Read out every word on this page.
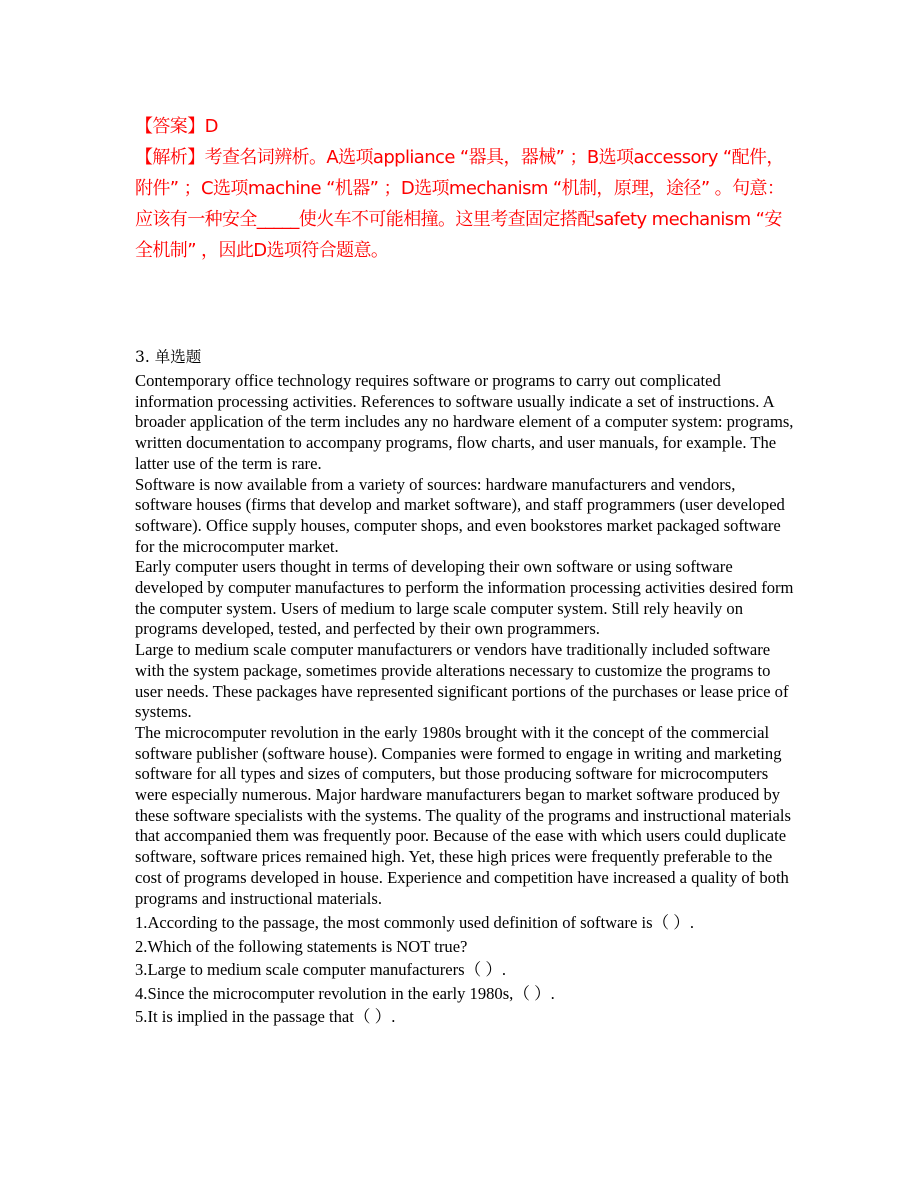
【答案】D

【解析】考查名词辨析。A选项appliance “器具，器械” ；B选项accessory “配件，附件” ；C选项machine “机器” ；D选项mechanism “机制，原理，途径” 。句意：应该有一种安全_____使火车不可能相撞。这里考查固定搭配safety mechanism “安全机制” ，因此D选项符合题意。

3. 单选题

Contemporary office technology requires software or programs to carry out complicated information processing activities. References to software usually indicate a set of instructions. A broader application of the term includes any no hardware element of a computer system: programs, written documentation to accompany programs, flow charts, and user manuals, for example. The latter use of the term is rare.

Software is now available from a variety of sources: hardware manufacturers and vendors, software houses (firms that develop and market software), and staff programmers (user developed software). Office supply houses, computer shops, and even bookstores market packaged software for the microcomputer market.

Early computer users thought in terms of developing their own software or using software developed by computer manufactures to perform the information processing activities desired form the computer system. Users of medium to large scale computer system. Still rely heavily on programs developed, tested, and perfected by their own programmers.

Large to medium scale computer manufacturers or vendors have traditionally included software with the system package, sometimes provide alterations necessary to customize the programs to user needs. These packages have represented significant portions of the purchases or lease price of systems.

The microcomputer revolution in the early 1980s brought with it the concept of the commercial software publisher (software house). Companies were formed to engage in writing and marketing software for all types and sizes of computers, but those producing software for microcomputers were especially numerous. Major hardware manufacturers began to market software produced by these software specialists with the systems. The quality of the programs and instructional materials that accompanied them was frequently poor. Because of the ease with which users could duplicate software, software prices remained high. Yet, these high prices were frequently preferable to the cost of programs developed in house. Experience and competition have increased a quality of both programs and instructional materials.

1.According to the passage, the most commonly used definition of software is（ ）.

2.Which of the following statements is NOT true?

3.Large to medium scale computer manufacturers（ ）.

4.Since the microcomputer revolution in the early 1980s,（ ）.

5.It is implied in the passage that（ ）.
